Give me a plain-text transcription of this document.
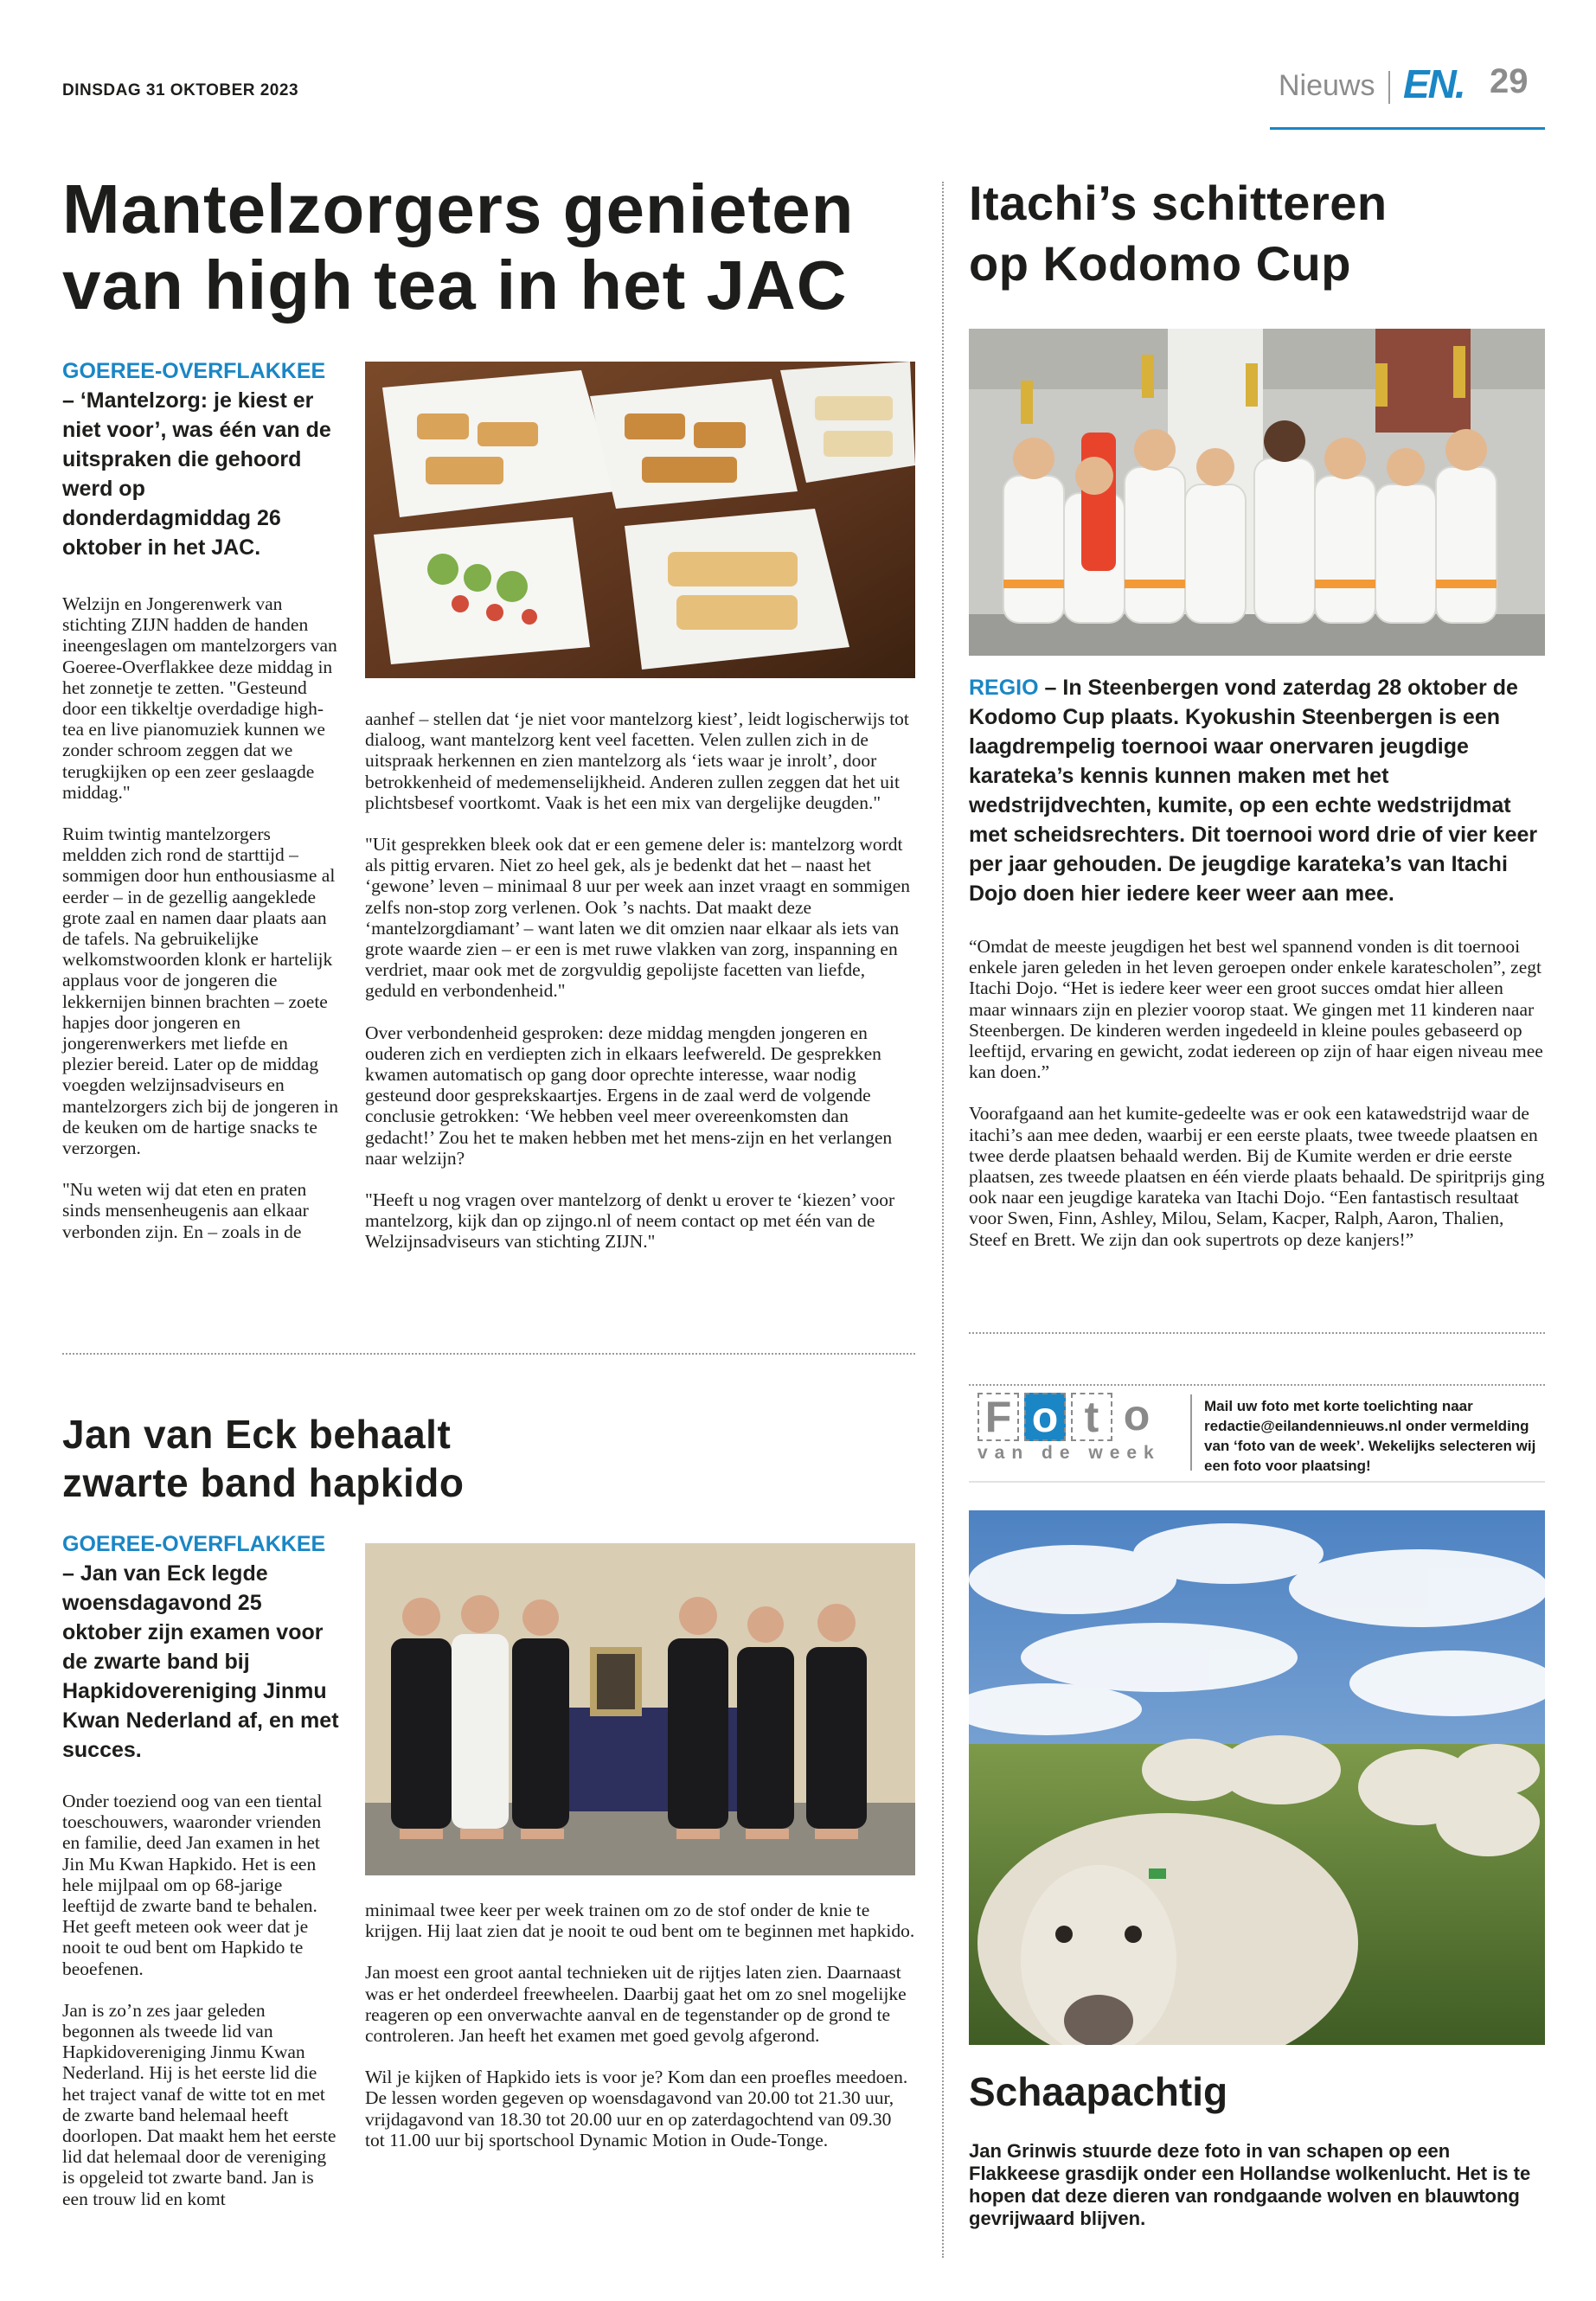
DINSDAG 31 OKTOBER 2023	Nieuws EN. 29
Mantelzorgers genieten van high tea in het JAC

GOEREE-OVERFLAKKEE – ‘Mantelzorg: je kiest er niet voor’, was één van de uitspraken die gehoord werd op donderdagmiddag 26 oktober in het JAC.

Welzijn en Jongerenwerk van stichting ZIJN hadden de handen ineengeslagen om mantelzorgers van Goeree-Overflakkee deze middag in het zonnetje te zetten. "Gesteund door een tikkeltje overdadige high-tea en live pianomuziek kunnen we zonder schroom zeggen dat we terugkijken op een zeer geslaagde middag."

Ruim twintig mantelzorgers meldden zich rond de starttijd – sommigen door hun enthousiasme al eerder – in de gezellig aangeklede grote zaal en namen daar plaats aan de tafels. Na gebruikelijke welkomstwoorden klonk er hartelijk applaus voor de jongeren die lekkernijen binnen brachten – zoete hapjes door jongeren en jongerenwerkers met liefde en plezier bereid. Later op de middag voegden welzijnsadviseurs en mantelzorgers zich bij de jongeren in de keuken om de hartige snacks te verzorgen.

"Nu weten wij dat eten en praten sinds mensenheugenis aan elkaar verbonden zijn. En – zoals in de

aanhef – stellen dat ‘je niet voor mantelzorg kiest’, leidt logischerwijs tot dialoog, want mantelzorg kent veel facetten. Velen zullen zich in de uitspraak herkennen en zien mantelzorg als ‘iets waar je inrolt’, door betrokkenheid of medemenselijkheid. Anderen zullen zeggen dat het uit plichtsbesef voortkomt. Vaak is het een mix van dergelijke deugden."

"Uit gesprekken bleek ook dat er een gemene deler is: mantelzorg wordt als pittig ervaren. Niet zo heel gek, als je bedenkt dat het – naast het ‘gewone’ leven – minimaal 8 uur per week aan inzet vraagt en sommigen zelfs non-stop zorg verlenen. Ook ’s nachts. Dat maakt deze ‘mantelzorgdiamant’ – want laten we dit omzien naar elkaar als iets van grote waarde zien – er een is met ruwe vlakken van zorg, inspanning en verdriet, maar ook met de zorgvuldig gepolijste facetten van liefde, geduld en verbondenheid."

Over verbondenheid gesproken: deze middag mengden jongeren en ouderen zich en verdiepten zich in elkaars leefwereld. De gesprekken kwamen automatisch op gang door oprechte interesse, waar nodig gesteund door gesprekskaartjes. Ergens in de zaal werd de volgende conclusie getrokken: ‘We hebben veel meer overeenkomsten dan gedacht!’ Zou het te maken hebben met het mens-zijn en het verlangen naar welzijn?

"Heeft u nog vragen over mantelzorg of denkt u erover te ‘kiezen’ voor mantelzorg, kijk dan op zijngo.nl of neem contact op met één van de Welzijnsadviseurs van stichting ZIJN."

Itachi’s schitteren op Kodomo Cup

REGIO – In Steenbergen vond zaterdag 28 oktober de Kodomo Cup plaats. Kyokushin Steenbergen is een laagdrempelig toernooi waar onervaren jeugdige karateka’s kennis kunnen maken met het wedstrijdvechten, kumite, op een echte wedstrijdmat met scheidsrechters. Dit toernooi word drie of vier keer per jaar gehouden. De jeugdige karateka’s van Itachi Dojo doen hier iedere keer weer aan mee.

“Omdat de meeste jeugdigen het best wel spannend vonden is dit toernooi enkele jaren geleden in het leven geroepen onder enkele karatescholen”, zegt Itachi Dojo. “Het is iedere keer weer een groot succes omdat hier alleen maar winnaars zijn en plezier voorop staat. We gingen met 11 kinderen naar Steenbergen. De kinderen werden ingedeeld in kleine poules gebaseerd op leeftijd, ervaring en gewicht, zodat iedereen op zijn of haar eigen niveau mee kan doen.”

Voorafgaand aan het kumite-gedeelte was er ook een katawedstrijd waar de itachi’s aan mee deden, waarbij er een eerste plaats, twee tweede plaatsen en twee derde plaatsen behaald werden. Bij de Kumite werden er drie eerste plaatsen, zes tweede plaatsen en één vierde plaats behaald. De spiritprijs ging ook naar een jeugdige karateka van Itachi Dojo. “Een fantastisch resultaat voor Swen, Finn, Ashley, Milou, Selam, Kacper, Ralph, Aaron, Thalien, Steef en Brett. We zijn dan ook supertrots op deze kanjers!”

Jan van Eck behaalt zwarte band hapkido

GOEREE-OVERFLAKKEE – Jan van Eck legde woensdagavond 25 oktober zijn examen voor de zwarte band bij Hapkidovereniging Jinmu Kwan Nederland af, en met succes.

Onder toeziend oog van een tiental toeschouwers, waaronder vrienden en familie, deed Jan examen in het Jin Mu Kwan Hapkido. Het is een hele mijlpaal om op 68-jarige leeftijd de zwarte band te behalen. Het geeft meteen ook weer dat je nooit te oud bent om Hapkido te beoefenen.

Jan is zo’n zes jaar geleden begonnen als tweede lid van Hapkidovereniging Jinmu Kwan Nederland. Hij is het eerste lid die het traject vanaf de witte tot en met de zwarte band helemaal heeft doorlopen. Dat maakt hem het eerste lid dat helemaal door de vereniging is opgeleid tot zwarte band. Jan is een trouw lid en komt

minimaal twee keer per week trainen om zo de stof onder de knie te krijgen. Hij laat zien dat je nooit te oud bent om te beginnen met hapkido.

Jan moest een groot aantal technieken uit de rijtjes laten zien. Daarnaast was er het onderdeel freewheelen. Daarbij gaat het om zo snel mogelijke reageren op een onverwachte aanval en de tegenstander op de grond te controleren. Jan heeft het examen met goed gevolg afgerond.

Wil je kijken of Hapkido iets is voor je? Kom dan een proefles meedoen. De lessen worden gegeven op woensdagavond van 20.00 tot 21.30 uur, vrijdagavond van 18.30 tot 20.00 uur en op zaterdagochtend van 09.30 tot 11.00 uur bij sportschool Dynamic Motion in Oude-Tonge.

F o t o
van de week
Mail uw foto met korte toelichting naar redactie@eilandennieuws.nl onder vermelding van ‘foto van de week’. Wekelijks selecteren wij een foto voor plaatsing!
Schaapachtig
Jan Grinwis stuurde deze foto in van schapen op een Flakkeese grasdijk onder een Hollandse wolkenlucht. Het is te hopen dat deze dieren van rondgaande wolven en blauwtong gevrijwaard blijven.
